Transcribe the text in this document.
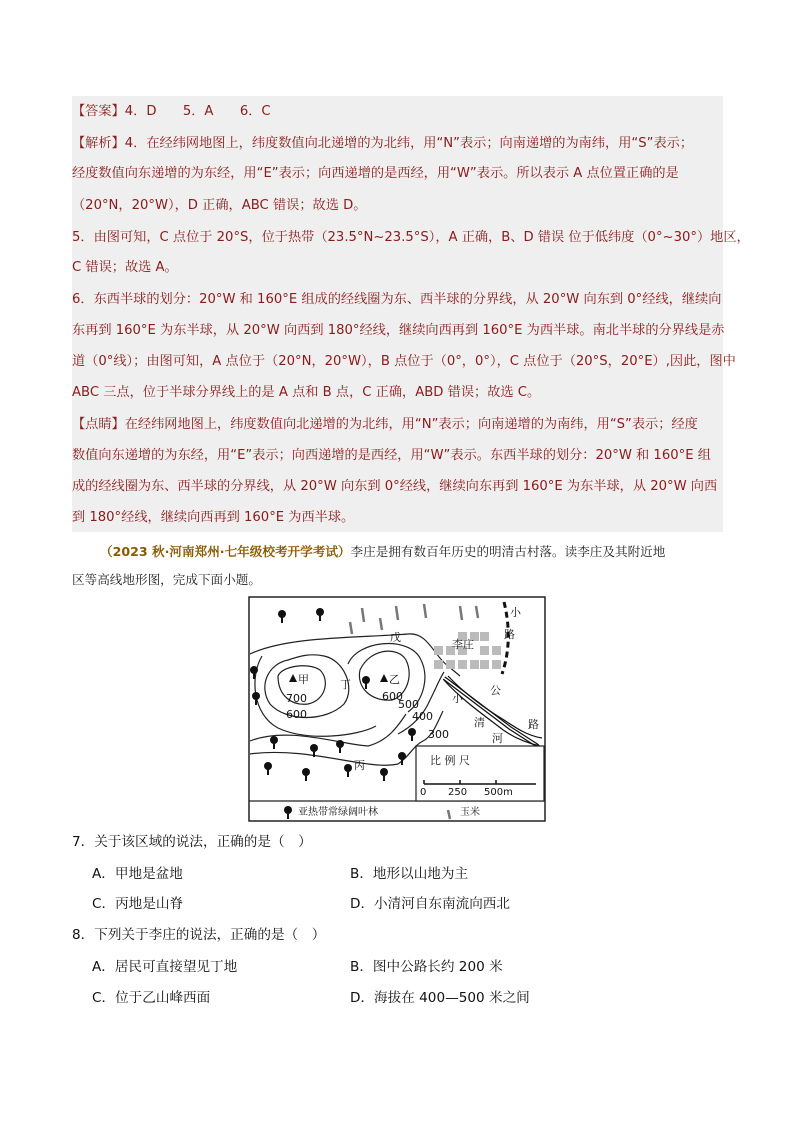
【答案】4．D　　5．A　　6．C
【解析】4．在经纬网地图上，纬度数值向北递增的为北纬，用“N”表示；向南递增的为南纬，用“S”表示；
经度数值向东递增的为东经，用“E”表示；向西递增的是西经，用“W”表示。所以表示 A 点位置正确的是
（20°N，20°W），D 正确，ABC 错误；故选 D。
5．由图可知，C 点位于 20°S，位于热带（23.5°N~23.5°S），A 正确，B、D 错误 位于低纬度（0°~30°）地区，
C 错误；故选 A。
6．东西半球的划分：20°W 和 160°E 组成的经线圈为东、西半球的分界线，从 20°W 向东到 0°经线，继续向
东再到 160°E 为东半球，从 20°W 向西到 180°经线，继续向西再到 160°E 为西半球。南北半球的分界线是赤
道（0°线）；由图可知，A 点位于（20°N，20°W），B 点位于（0°，0°），C 点位于（20°S，20°E）,因此，图中
ABC 三点，位于半球分界线上的是 A 点和 B 点，C 正确，ABD 错误；故选 C。
【点睛】在经纬网地图上，纬度数值向北递增的为北纬，用“N”表示；向南递增的为南纬，用“S”表示；经度
数值向东递增的为东经，用“E”表示；向西递增的是西经，用“W”表示。东西半球的划分：20°W 和 160°E 组
成的经线圈为东、西半球的分界线，从 20°W 向东到 0°经线，继续向东再到 160°E 为东半球，从 20°W 向西
到 180°经线，继续向西再到 160°E 为西半球。
（2023 秋·河南郑州·七年级校考开学考试）李庄是拥有数百年历史的明清古村落。读李庄及其附近地
区等高线地形图，完成下面小题。
甲	乙
丙
丁
戊
李庄
700
600
600
500
400
300
小
路
公
路
小
清
河
比 例 尺
0 250 500m
亚热带常绿阔叶林	玉米
7．关于该区域的说法，正确的是（　）
A．甲地是盆地	B．地形以山地为主
C．丙地是山脊	D．小清河自东南流向西北
8．下列关于李庄的说法，正确的是（　）
A．居民可直接望见丁地	B．图中公路长约 200 米
C．位于乙山峰西面	D．海拔在 400—500 米之间
